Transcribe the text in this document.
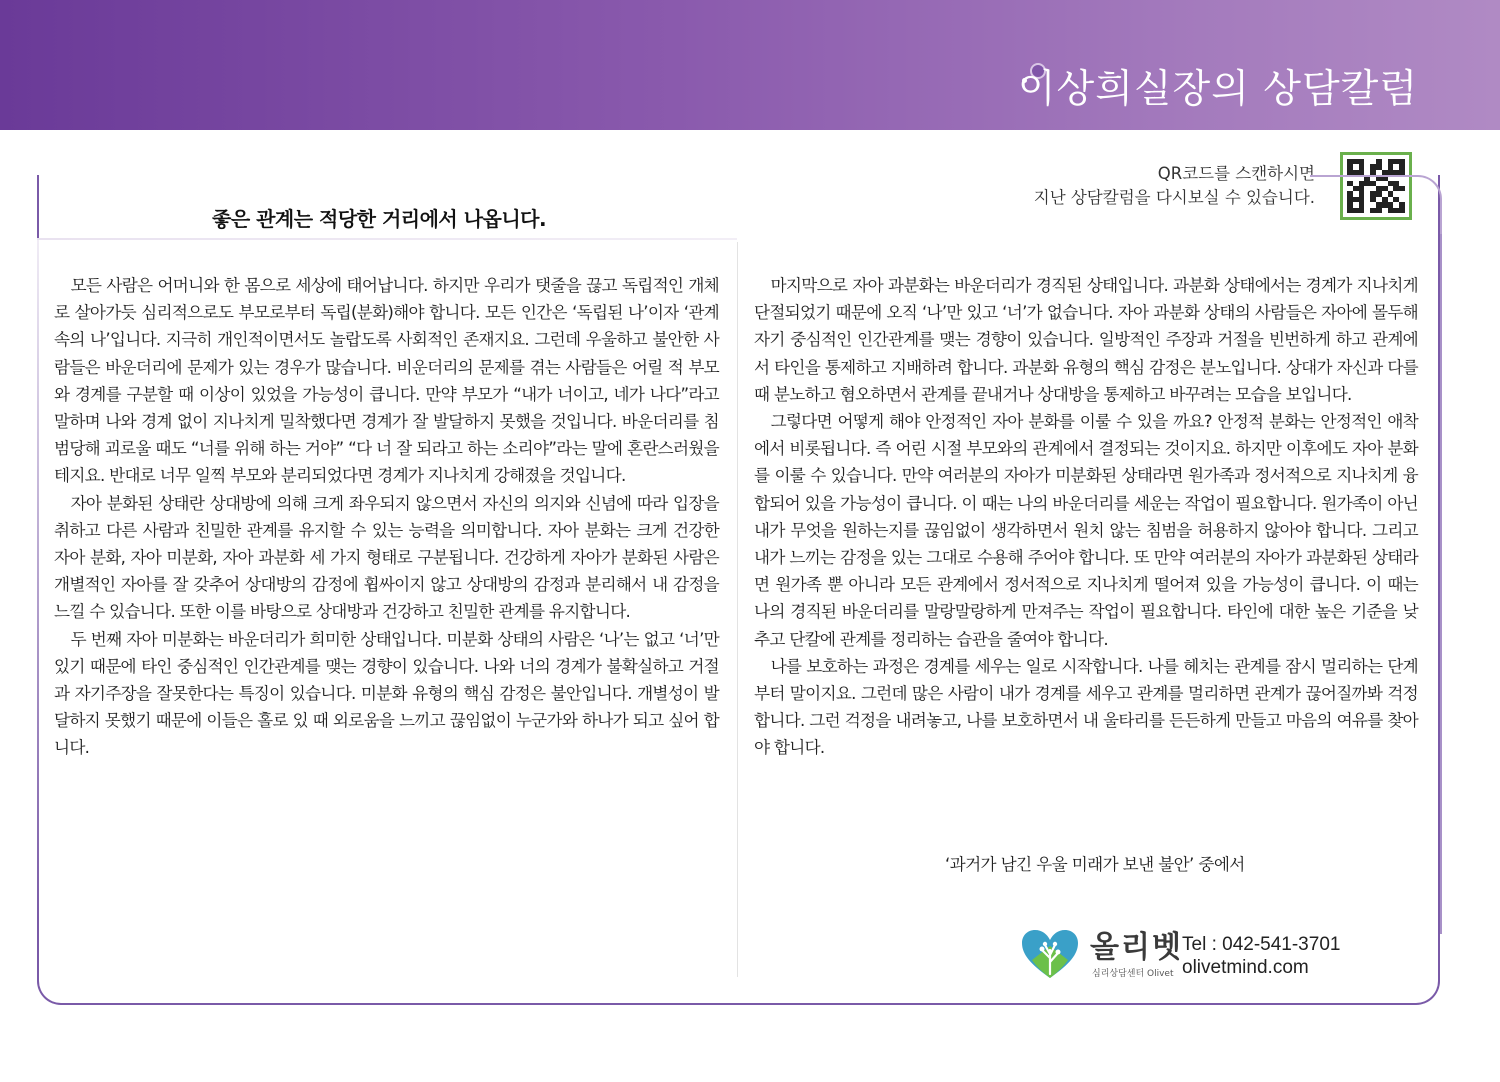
이상희실장의 상담칼럼
QR코드를 스캔하시면
지난 상담칼럼을 다시보실 수 있습니다.
좋은 관계는 적당한 거리에서 나옵니다.

모든 사람은 어머니와 한 몸으로 세상에 태어납니다. 하지만 우리가 탯줄을 끊고 독립적인 개체로 살아가듯 심리적으로도 부모로부터 독립(분화)해야 합니다. 모든 인간은 ‘독립된 나’이자 ‘관계 속의 나’입니다. 지극히 개인적이면서도 놀랍도록 사회적인 존재지요. 그런데 우울하고 불안한 사람들은 바운더리에 문제가 있는 경우가 많습니다. 비운더리의 문제를 겪는 사람들은 어릴 적 부모와 경계를 구분할 때 이상이 있었을 가능성이 큽니다. 만약 부모가 “내가 너이고, 네가 나다”라고 말하며 나와 경계 없이 지나치게 밀착했다면 경계가 잘 발달하지 못했을 것입니다. 바운더리를 침범당해 괴로울 때도 “너를 위해 하는 거야” “다 너 잘 되라고 하는 소리야”라는 말에 혼란스러웠을 테지요. 반대로 너무 일찍 부모와 분리되었다면 경계가 지나치게 강해졌을 것입니다.

자아 분화된 상태란 상대방에 의해 크게 좌우되지 않으면서 자신의 의지와 신념에 따라 입장을 취하고 다른 사람과 친밀한 관계를 유지할 수 있는 능력을 의미합니다. 자아 분화는 크게 건강한 자아 분화, 자아 미분화, 자아 과분화 세 가지 형태로 구분됩니다. 건강하게 자아가 분화된 사람은 개별적인 자아를 잘 갖추어 상대방의 감정에 휩싸이지 않고 상대방의 감정과 분리해서 내 감정을 느낄 수 있습니다. 또한 이를 바탕으로 상대방과 건강하고 친밀한 관계를 유지합니다.

두 번째 자아 미분화는 바운더리가 희미한 상태입니다. 미분화 상태의 사람은 ‘나’는 없고 ‘너’만 있기 때문에 타인 중심적인 인간관계를 맺는 경향이 있습니다. 나와 너의 경계가 불확실하고 거절과 자기주장을 잘못한다는 특징이 있습니다. 미분화 유형의 핵심 감정은 불안입니다. 개별성이 발달하지 못했기 때문에 이들은 홀로 있 때 외로움을 느끼고 끊임없이 누군가와 하나가 되고 싶어 합니다.

마지막으로 자아 과분화는 바운더리가 경직된 상태입니다. 과분화 상태에서는 경계가 지나치게 단절되었기 때문에 오직 ‘나’만 있고 ‘너’가 없습니다. 자아 과분화 상태의 사람들은 자아에 몰두해 자기 중심적인 인간관계를 맺는 경향이 있습니다. 일방적인 주장과 거절을 빈번하게 하고 관계에서 타인을 통제하고 지배하려 합니다. 과분화 유형의 핵심 감정은 분노입니다. 상대가 자신과 다를 때 분노하고 혐오하면서 관계를 끝내거나 상대방을 통제하고 바꾸려는 모습을 보입니다.

그렇다면 어떻게 해야 안정적인 자아 분화를 이룰 수 있을 까요? 안정적 분화는 안정적인 애착에서 비롯됩니다. 즉 어린 시절 부모와의 관계에서 결정되는 것이지요. 하지만 이후에도 자아 분화를 이룰 수 있습니다. 만약 여러분의 자아가 미분화된 상태라면 원가족과 정서적으로 지나치게 융합되어 있을 가능성이 큽니다. 이 때는 나의 바운더리를 세운는 작업이 필요합니다. 원가족이 아닌 내가 무엇을 원하는지를 끊임없이 생각하면서 원치 않는 침범을 허용하지 않아야 합니다. 그리고 내가 느끼는 감정을 있는 그대로 수용해 주어야 합니다. 또 만약 여러분의 자아가 과분화된 상태라면 원가족 뿐 아니라 모든 관계에서 정서적으로 지나치게 떨어져 있을 가능성이 큽니다. 이 때는 나의 경직된 바운더리를 말랑말랑하게 만져주는 작업이 필요합니다. 타인에 대한 높은 기준을 낮추고 단칼에 관계를 정리하는 습관을 줄여야 합니다.

나를 보호하는 과정은 경계를 세우는 일로 시작합니다. 나를 헤치는 관계를 잠시 멀리하는 단계부터 말이지요. 그런데 많은 사람이 내가 경계를 세우고 관계를 멀리하면 관계가 끊어질까봐 걱정합니다. 그런 걱정을 내려놓고, 나를 보호하면서 내 울타리를 든든하게 만들고 마음의 여유를 찾아야 합니다.

‘과거가 남긴 우울 미래가 보낸 불안’ 중에서
올리벳
심리상담센터 Olivet
Tel : 042-541-3701
olivetmind.com
